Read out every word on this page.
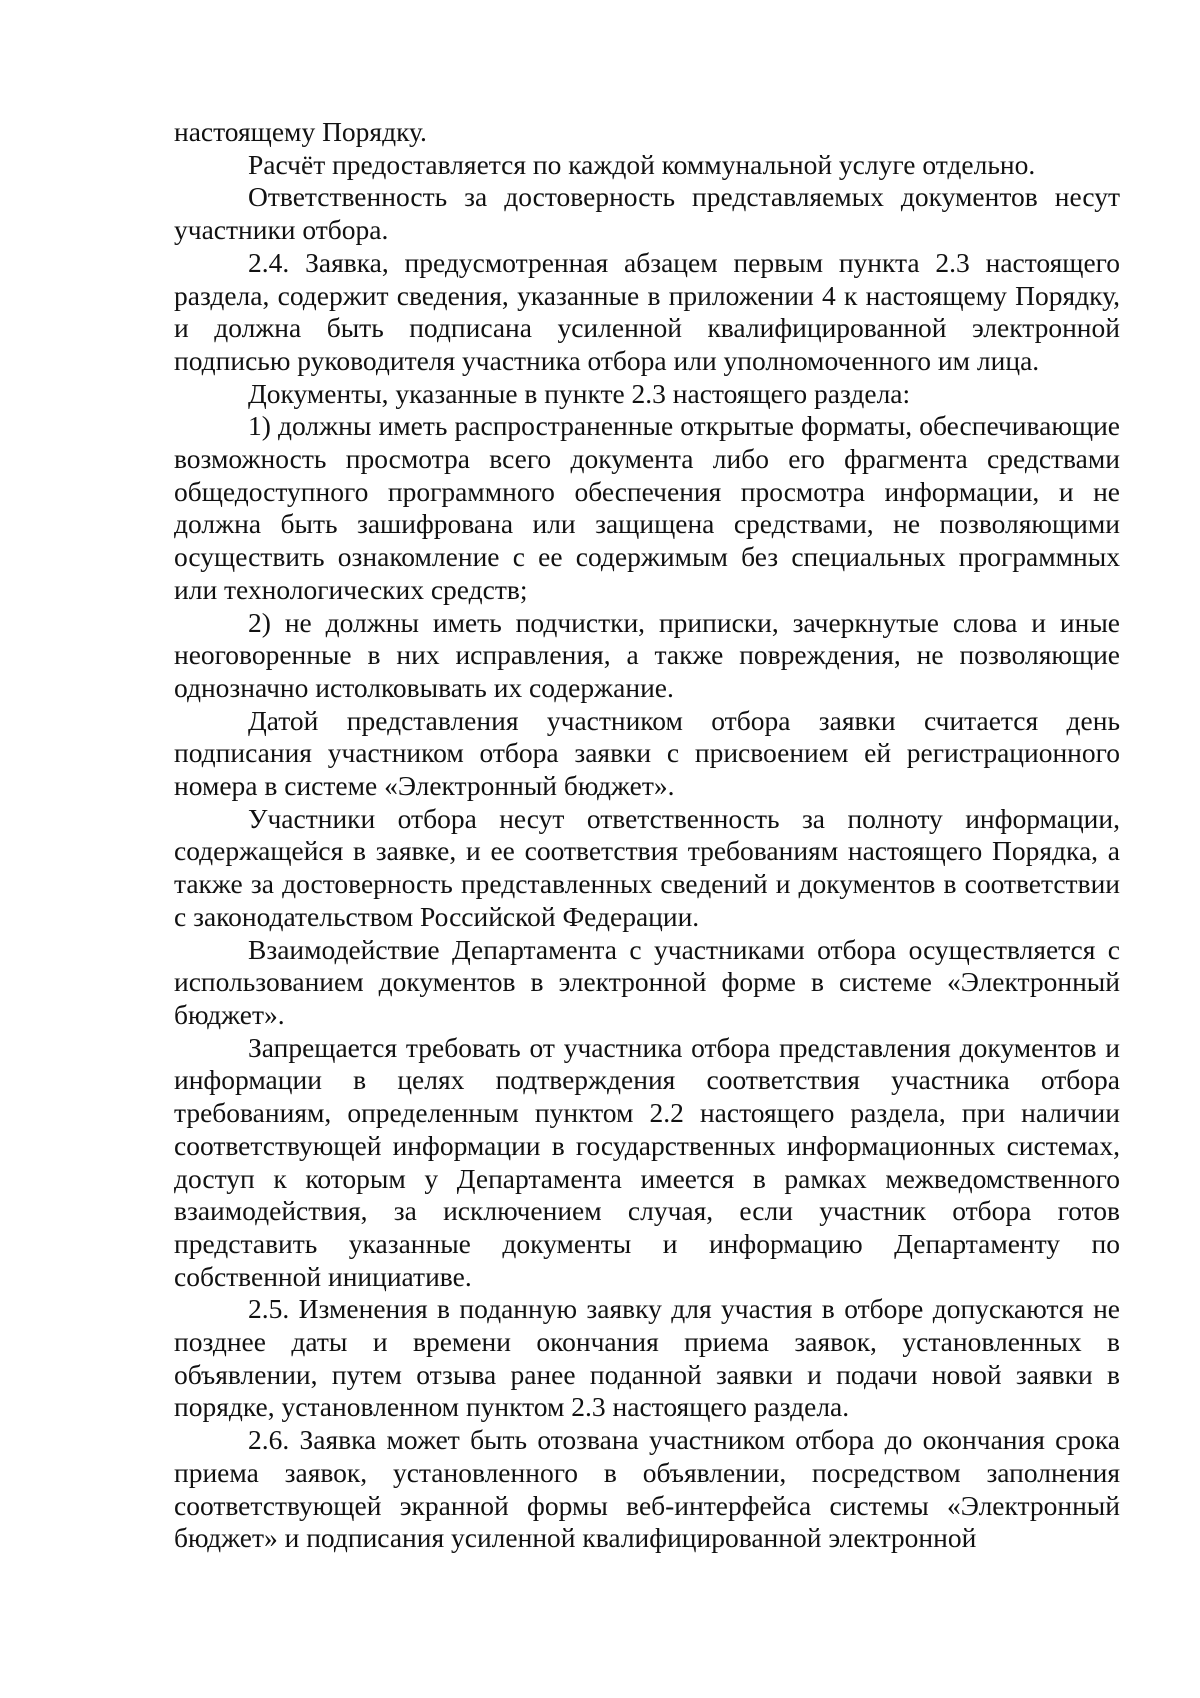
настоящему Порядку.

Расчёт предоставляется по каждой коммунальной услуге отдельно.

Ответственность за достоверность представляемых документов несут участники отбора.

2.4. Заявка, предусмотренная абзацем первым пункта 2.3 настоящего раздела, содержит сведения, указанные в приложении 4 к настоящему Порядку, и должна быть подписана усиленной квалифицированной электронной подписью руководителя участника отбора или уполномоченного им лица.

Документы, указанные в пункте 2.3 настоящего раздела:

1) должны иметь распространенные открытые форматы, обеспечивающие возможность просмотра всего документа либо его фрагмента средствами общедоступного программного обеспечения просмотра информации, и не должна быть зашифрована или защищена средствами, не позволяющими осуществить ознакомление с ее содержимым без специальных программных или технологических средств;

2) не должны иметь подчистки, приписки, зачеркнутые слова и иные неоговоренные в них исправления, а также повреждения, не позволяющие однозначно истолковывать их содержание.

Датой представления участником отбора заявки считается день подписания участником отбора заявки с присвоением ей регистрационного номера в системе «Электронный бюджет».

Участники отбора несут ответственность за полноту информации, содержащейся в заявке, и ее соответствия требованиям настоящего Порядка, а также за достоверность представленных сведений и документов в соответствии с законодательством Российской Федерации.

Взаимодействие Департамента с участниками отбора осуществляется с использованием документов в электронной форме в системе «Электронный бюджет».

Запрещается требовать от участника отбора представления документов и информации в целях подтверждения соответствия участника отбора требованиям, определенным пунктом 2.2 настоящего раздела, при наличии соответствующей информации в государственных информационных системах, доступ к которым у Департамента имеется в рамках межведомственного взаимодействия, за исключением случая, если участник отбора готов представить указанные документы и информацию Департаменту по собственной инициативе.

2.5. Изменения в поданную заявку для участия в отборе допускаются не позднее даты и времени окончания приема заявок, установленных в объявлении, путем отзыва ранее поданной заявки и подачи новой заявки в порядке, установленном пунктом 2.3 настоящего раздела.

2.6. Заявка может быть отозвана участником отбора до окончания срока приема заявок, установленного в объявлении, посредством заполнения соответствующей экранной формы веб-интерфейса системы «Электронный бюджет» и подписания усиленной квалифицированной электронной
